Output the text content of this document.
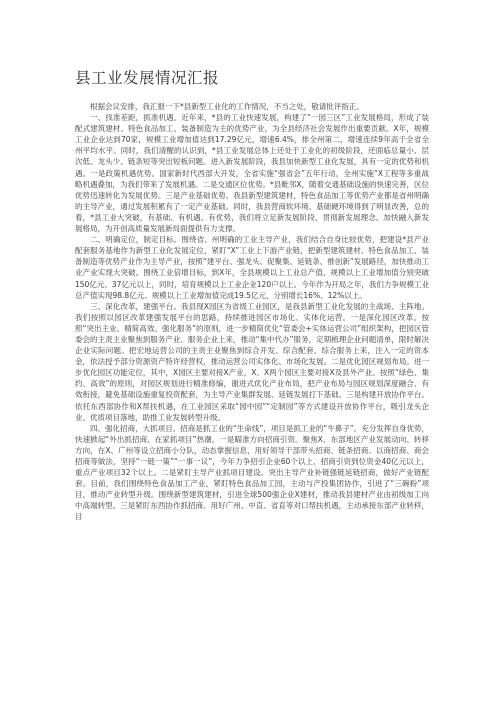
县工业发展情况汇报

根据会议安排，我汇报一下*县新型工业化的工作情况，不当之处，敬请批评指正。

一、找准差距，抓准机遇。近年来，*县的工业快速发展，构建了“一园三区”工业发展格局，形成了装配式建筑建材、特色食品加工、装备制造为主的优势产业，为全县经济社会发展作出重要贡献。X年，规模工业企业达到70家，规模工业增加值达到17.29亿元，增速6.4%，排全州第二，增速连续9年高于全省全州平均水平。同时，我们清醒的认识到，*县工业发展总体上还处于工业化的初级阶段，还面临总量小、层次低、龙头少、链条短等突出短板问题。进入新发展阶段，我县加快新型工业化发展，具有一定的优势和机遇。一是政策机遇优势。国家新时代西部大开发，全省实施“强省会”五年行动，全州实施“X工程等多重战略机遇叠加，为我们带来了发展机遇。二是交通区位优势。*县毗邻X，随着交通基础设施的快速完善，区位优势迅速转化为发展优势。三是产业基础优势。我县新型建筑建材，特色食品加工等优势产业都是省州明确的主导产业，通过发展积累有了一定产业基础。同时，我县营商软环境、基础硬环境得到了明显改善，总的看，*县工业大突破，有基础、有机遇、有优势，我们将立足新发展阶段、贯彻新发展理念、加快融入新发展格局，为开创高质量发展新局面提供有力支撑。

二、明确定位，制定目标。围绕省、州明确的工业主导产业，我们结合自身比较优势，把建设*县产业配套服务基地作为新型工业化发展定位，紧盯“X”工业上下游产业链，把新型建筑建材、特色食品加工、装备制造等优势产业作为主导产业，按照“建平台、强龙头、促聚集、延链条、推创新”发展路径，加快推动工业产业实现大突破。围绕工业倍增目标，到X年，全县规模以上工业总产值、规模以上工业增加值分别突破150亿元、37亿元以上，同时，培育规模以上工业企业120户以上。今年作为开局之年，我们力争规模工业总产值实现98.8亿元、规模以上工业增加值完成19.5亿元，分别增长16%、12%以上。

三、深化改革，建强平台。我县现X园区为省级工业园区，是我县新型工业化发展的主战场、主阵地。我们按照以园区改革建强发展平台的思路，持续推进园区市场化、实体化运营。一是深化园区改革。按照“突出主业、精简高效、强化服务”的原则，进一步精简优化“管委会+实体运营公司”组织架构，把园区管委会的主责主业聚焦到服务产业、服务企业上来，推动“集中代办”服务，定期梳理企业问题清单，限时解决企业实际问题。把宏地运营公司的主责主业聚焦到综合开发、综合配套、综合服务上来，注入一定的资本金，依法授予部分资源资产特许经营权，推动运营公司实体化、市场化发展。二是优化园区规划布局。进一步优化园区功能定位，其中，X园区主要对接X产业，X、X两个园区主要对接X及县外产业。按照“绿色、集约、高效”的原则，对园区规划进行精准修编，谢进式优化产业布局，把产业布局与园区规划深度融合、有效衔接，避免基础设施重复投资配套，为主导产业集群发展、延链发展打下基础。三是构建开放协作平台。依托东西部协作和X帮扶机遇，在工业园区采取“园中园”“定制园”等方式建设开放协作平台，吸引龙头企业、优质项目落地，助推工业发展转型升级。

四、强化招商，大抓项目。招商是抓工业的“生命线”，项目是抓工业的“牛鼻子”。充分发挥自身优势，快速掀起“外出抓招商、在家抓项目”热潮。一是瞄准方向招商引资。聚焦X、东部地区产业发展动向、转移方向，在X、广州等设立招商小分队，动态掌握信息，用好领导干部带头招商、链条招商、以商招商、商会招商等做法，坚持“一链一策”“一事一议”，今年力争招引企业60个以上、招商引资到位资金40亿元以上，重点产业项目32个以上。二是紧盯主导产业抓项目建设。突出主导产业补链强链延链招商，做好产业链配套。目前，我们围绕特色食品加工产业，紧盯特色食品加工园，主动与产投集团协作，引进了“三碗粉”项目，推动产业转型升级。围绕新型建筑建材，引进全球500强企业X建材，推动我县建材产业由初级加工向中高端转型。三是紧盯东西协作抓招商。用好广州、中直、省直等对口帮扶机遇，主动承接东部产业转移，目
